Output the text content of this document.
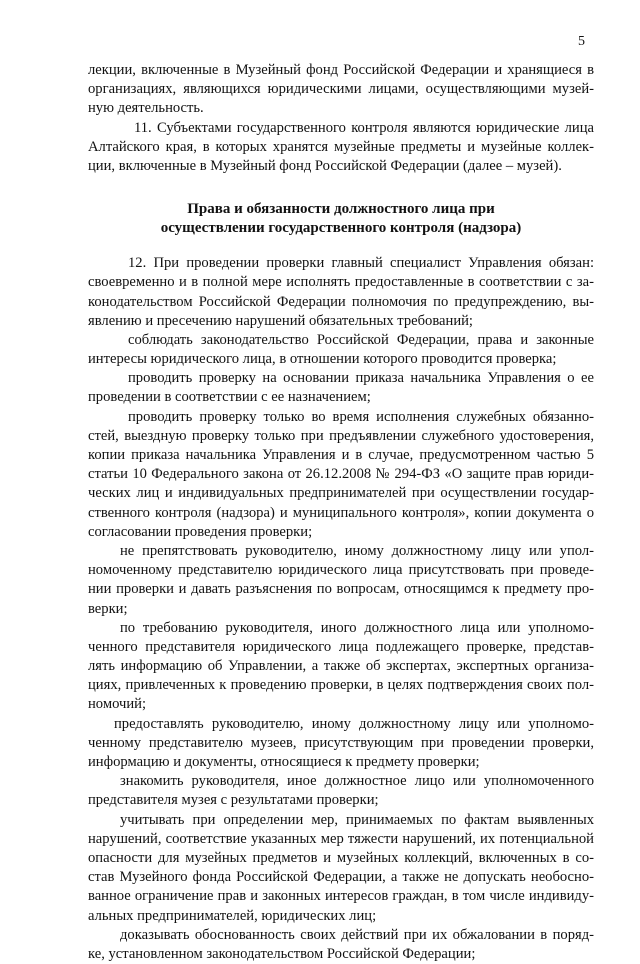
5
лекции, включенные в Музейный фонд Российской Федерации и хранящиеся в
организациях, являющихся юридическими лицами, осуществляющими музей-
ную деятельность.
11. Субъектами государственного контроля являются юридические лица
Алтайского края, в которых хранятся музейные предметы и музейные коллек-
ции, включенные в Музейный фонд Российской Федерации (далее – музей).
Права и обязанности должностного лица при
осуществлении государственного контроля (надзора)
12. При проведении проверки главный специалист Управления обязан:
своевременно и в полной мере исполнять предоставленные в соответствии с за-
конодательством Российской Федерации полномочия по предупреждению, вы-
явлению и пресечению нарушений обязательных требований;
соблюдать законодательство Российской Федерации, права и законные
интересы юридического лица, в отношении которого проводится проверка;
проводить проверку на основании приказа начальника Управления о ее
проведении в соответствии с ее назначением;
проводить проверку только во время исполнения служебных обязанно-
стей, выездную проверку только при предъявлении служебного удостоверения,
копии приказа начальника Управления и в случае, предусмотренном частью 5
статьи 10 Федерального закона от 26.12.2008 № 294-ФЗ «О защите прав юриди-
ческих лиц и индивидуальных предпринимателей при осуществлении государ-
ственного контроля (надзора) и муниципального контроля», копии документа о
согласовании проведения проверки;
не препятствовать руководителю, иному должностному лицу или упол-
номоченному представителю юридического лица присутствовать при проведе-
нии проверки и давать разъяснения по вопросам, относящимся к предмету про-
верки;
по требованию руководителя, иного должностного лица или уполномо-
ченного представителя юридического лица подлежащего проверке, представ-
лять информацию об Управлении, а также об экспертах, экспертных организа-
циях, привлеченных к проведению проверки, в целях подтверждения своих пол-
номочий;
предоставлять руководителю, иному должностному лицу или уполномо-
ченному представителю музеев, присутствующим при проведении проверки,
информацию и документы, относящиеся к предмету проверки;
знакомить руководителя, иное должностное лицо или уполномоченного
представителя музея с результатами проверки;
учитывать при определении мер, принимаемых по фактам выявленных
нарушений, соответствие указанных мер тяжести нарушений, их потенциальной
опасности для музейных предметов и музейных коллекций, включенных в со-
став Музейного фонда Российской Федерации, а также не допускать необосно-
ванное ограничение прав и законных интересов граждан, в том числе индивиду-
альных предпринимателей, юридических лиц;
доказывать обоснованность своих действий при их обжаловании в поряд-
ке, установленном законодательством Российской Федерации;
